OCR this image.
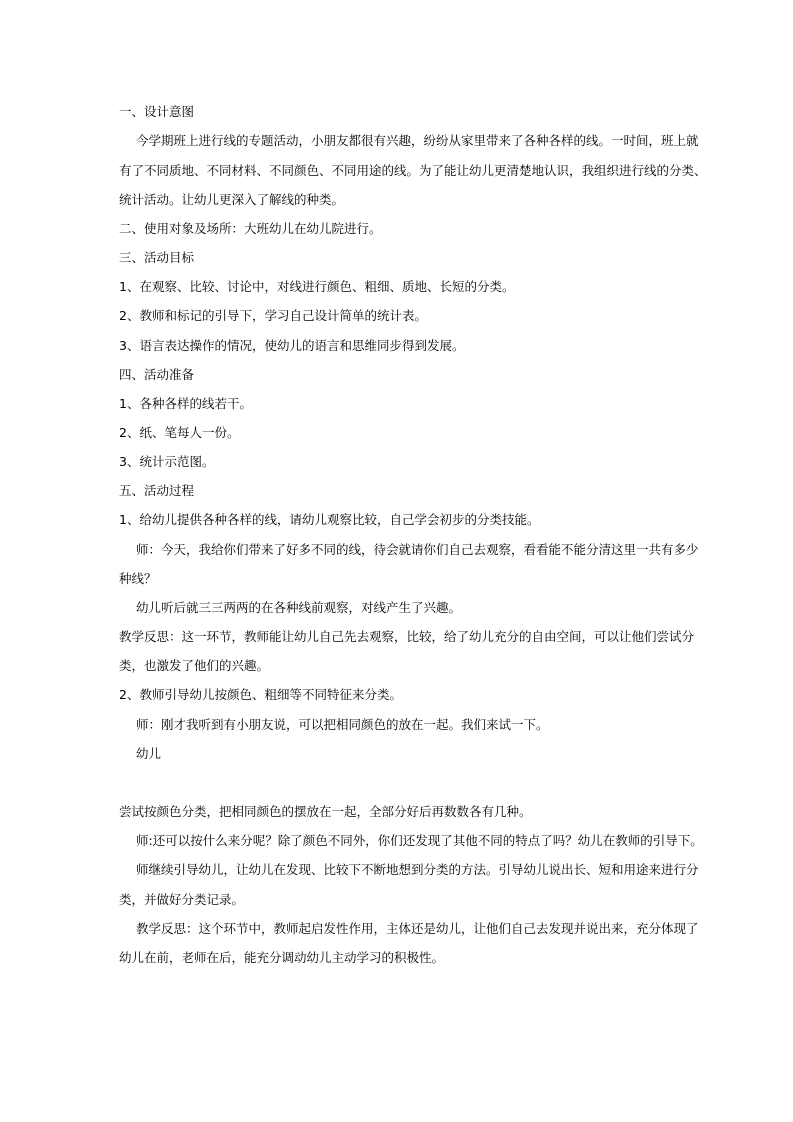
一、设计意图
今学期班上进行线的专题活动，小朋友都很有兴趣，纷纷从家里带来了各种各样的线。一时间，班上就
有了不同质地、不同材料、不同颜色、不同用途的线。为了能让幼儿更清楚地认识，我组织进行线的分类、
统计活动。让幼儿更深入了解线的种类。
二、使用对象及场所：大班幼儿在幼儿院进行。
三、活动目标
1、在观察、比较、讨论中，对线进行颜色、粗细、质地、长短的分类。
2、教师和标记的引导下，学习自己设计简单的统计表。
3、语言表达操作的情况，使幼儿的语言和思维同步得到发展。
四、活动准备
1、各种各样的线若干。
2、纸、笔每人一份。
3、统计示范图。
五、活动过程
1、给幼儿提供各种各样的线，请幼儿观察比较，自己学会初步的分类技能。
师：今天，我给你们带来了好多不同的线，待会就请你们自己去观察，看看能不能分清这里一共有多少
种线？
幼儿听后就三三两两的在各种线前观察，对线产生了兴趣。
教学反思：这一环节，教师能让幼儿自己先去观察，比较，给了幼儿充分的自由空间，可以让他们尝试分
类，也激发了他们的兴趣。
2、教师引导幼儿按颜色、粗细等不同特征来分类。
师：刚才我听到有小朋友说，可以把相同颜色的放在一起。我们来试一下。
幼儿
尝试按颜色分类，把相同颜色的摆放在一起，全部分好后再数数各有几种。
师:还可以按什么来分呢？除了颜色不同外，你们还发现了其他不同的特点了吗？幼儿在教师的引导下。
师继续引导幼儿，让幼儿在发现、比较下不断地想到分类的方法。引导幼儿说出长、短和用途来进行分
类，并做好分类记录。
教学反思：这个环节中，教师起启发性作用，主体还是幼儿，让他们自己去发现并说出来，充分体现了
幼儿在前，老师在后，能充分调动幼儿主动学习的积极性。
